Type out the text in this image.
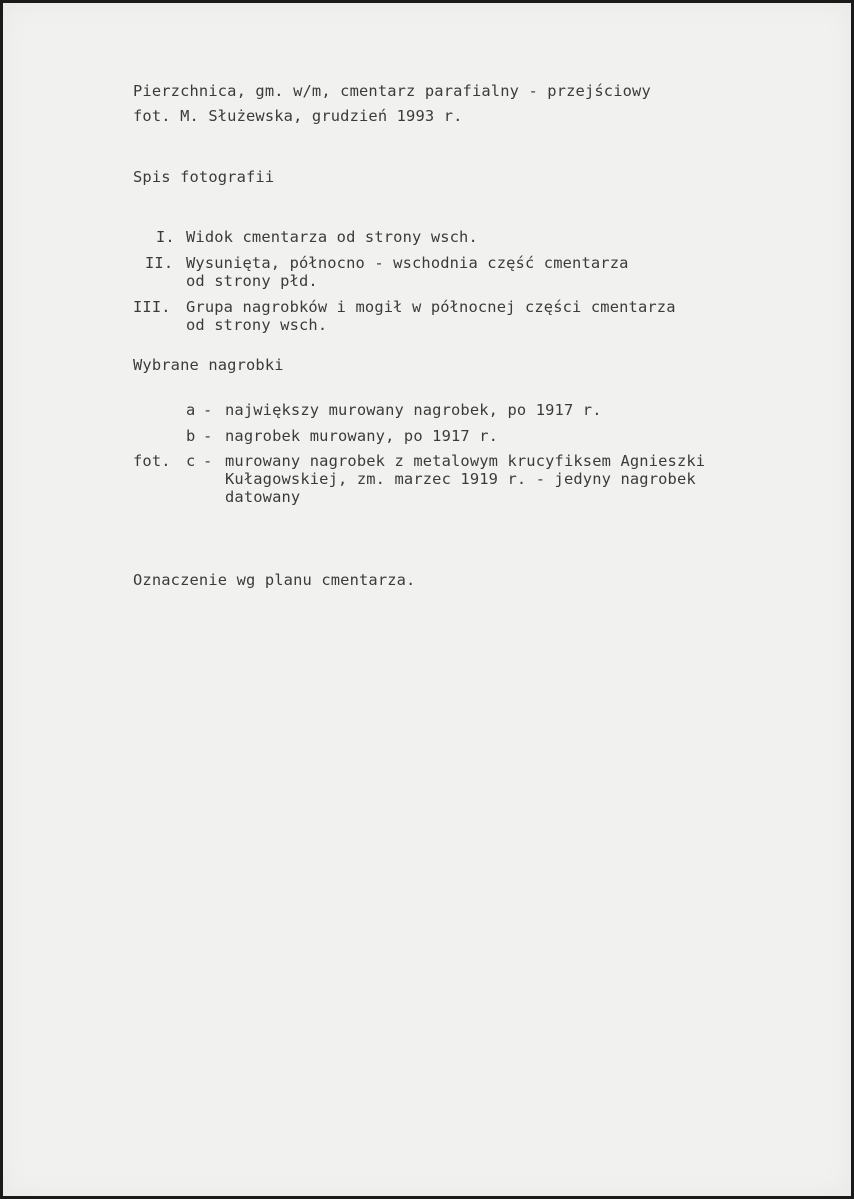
Pierzchnica, gm. w/m, cmentarz parafialny - przejściowy
fot. M. Służewska, grudzień 1993 r.
Spis fotografii
I. Widok cmentarza od strony wsch.
II. Wysunięta, północno - wschodnia część cmentarza
od strony płd.
III. Grupa nagrobków i mogił w północnej części cmentarza
od strony wsch.
Wybrane nagrobki
a - największy murowany nagrobek, po 1917 r.
b - nagrobek murowany, po 1917 r.
fot. c - murowany nagrobek z metalowym krucyfiksem Agnieszki
Kułagowskiej, zm. marzec 1919 r. - jedyny nagrobek
datowany
Oznaczenie wg planu cmentarza.
